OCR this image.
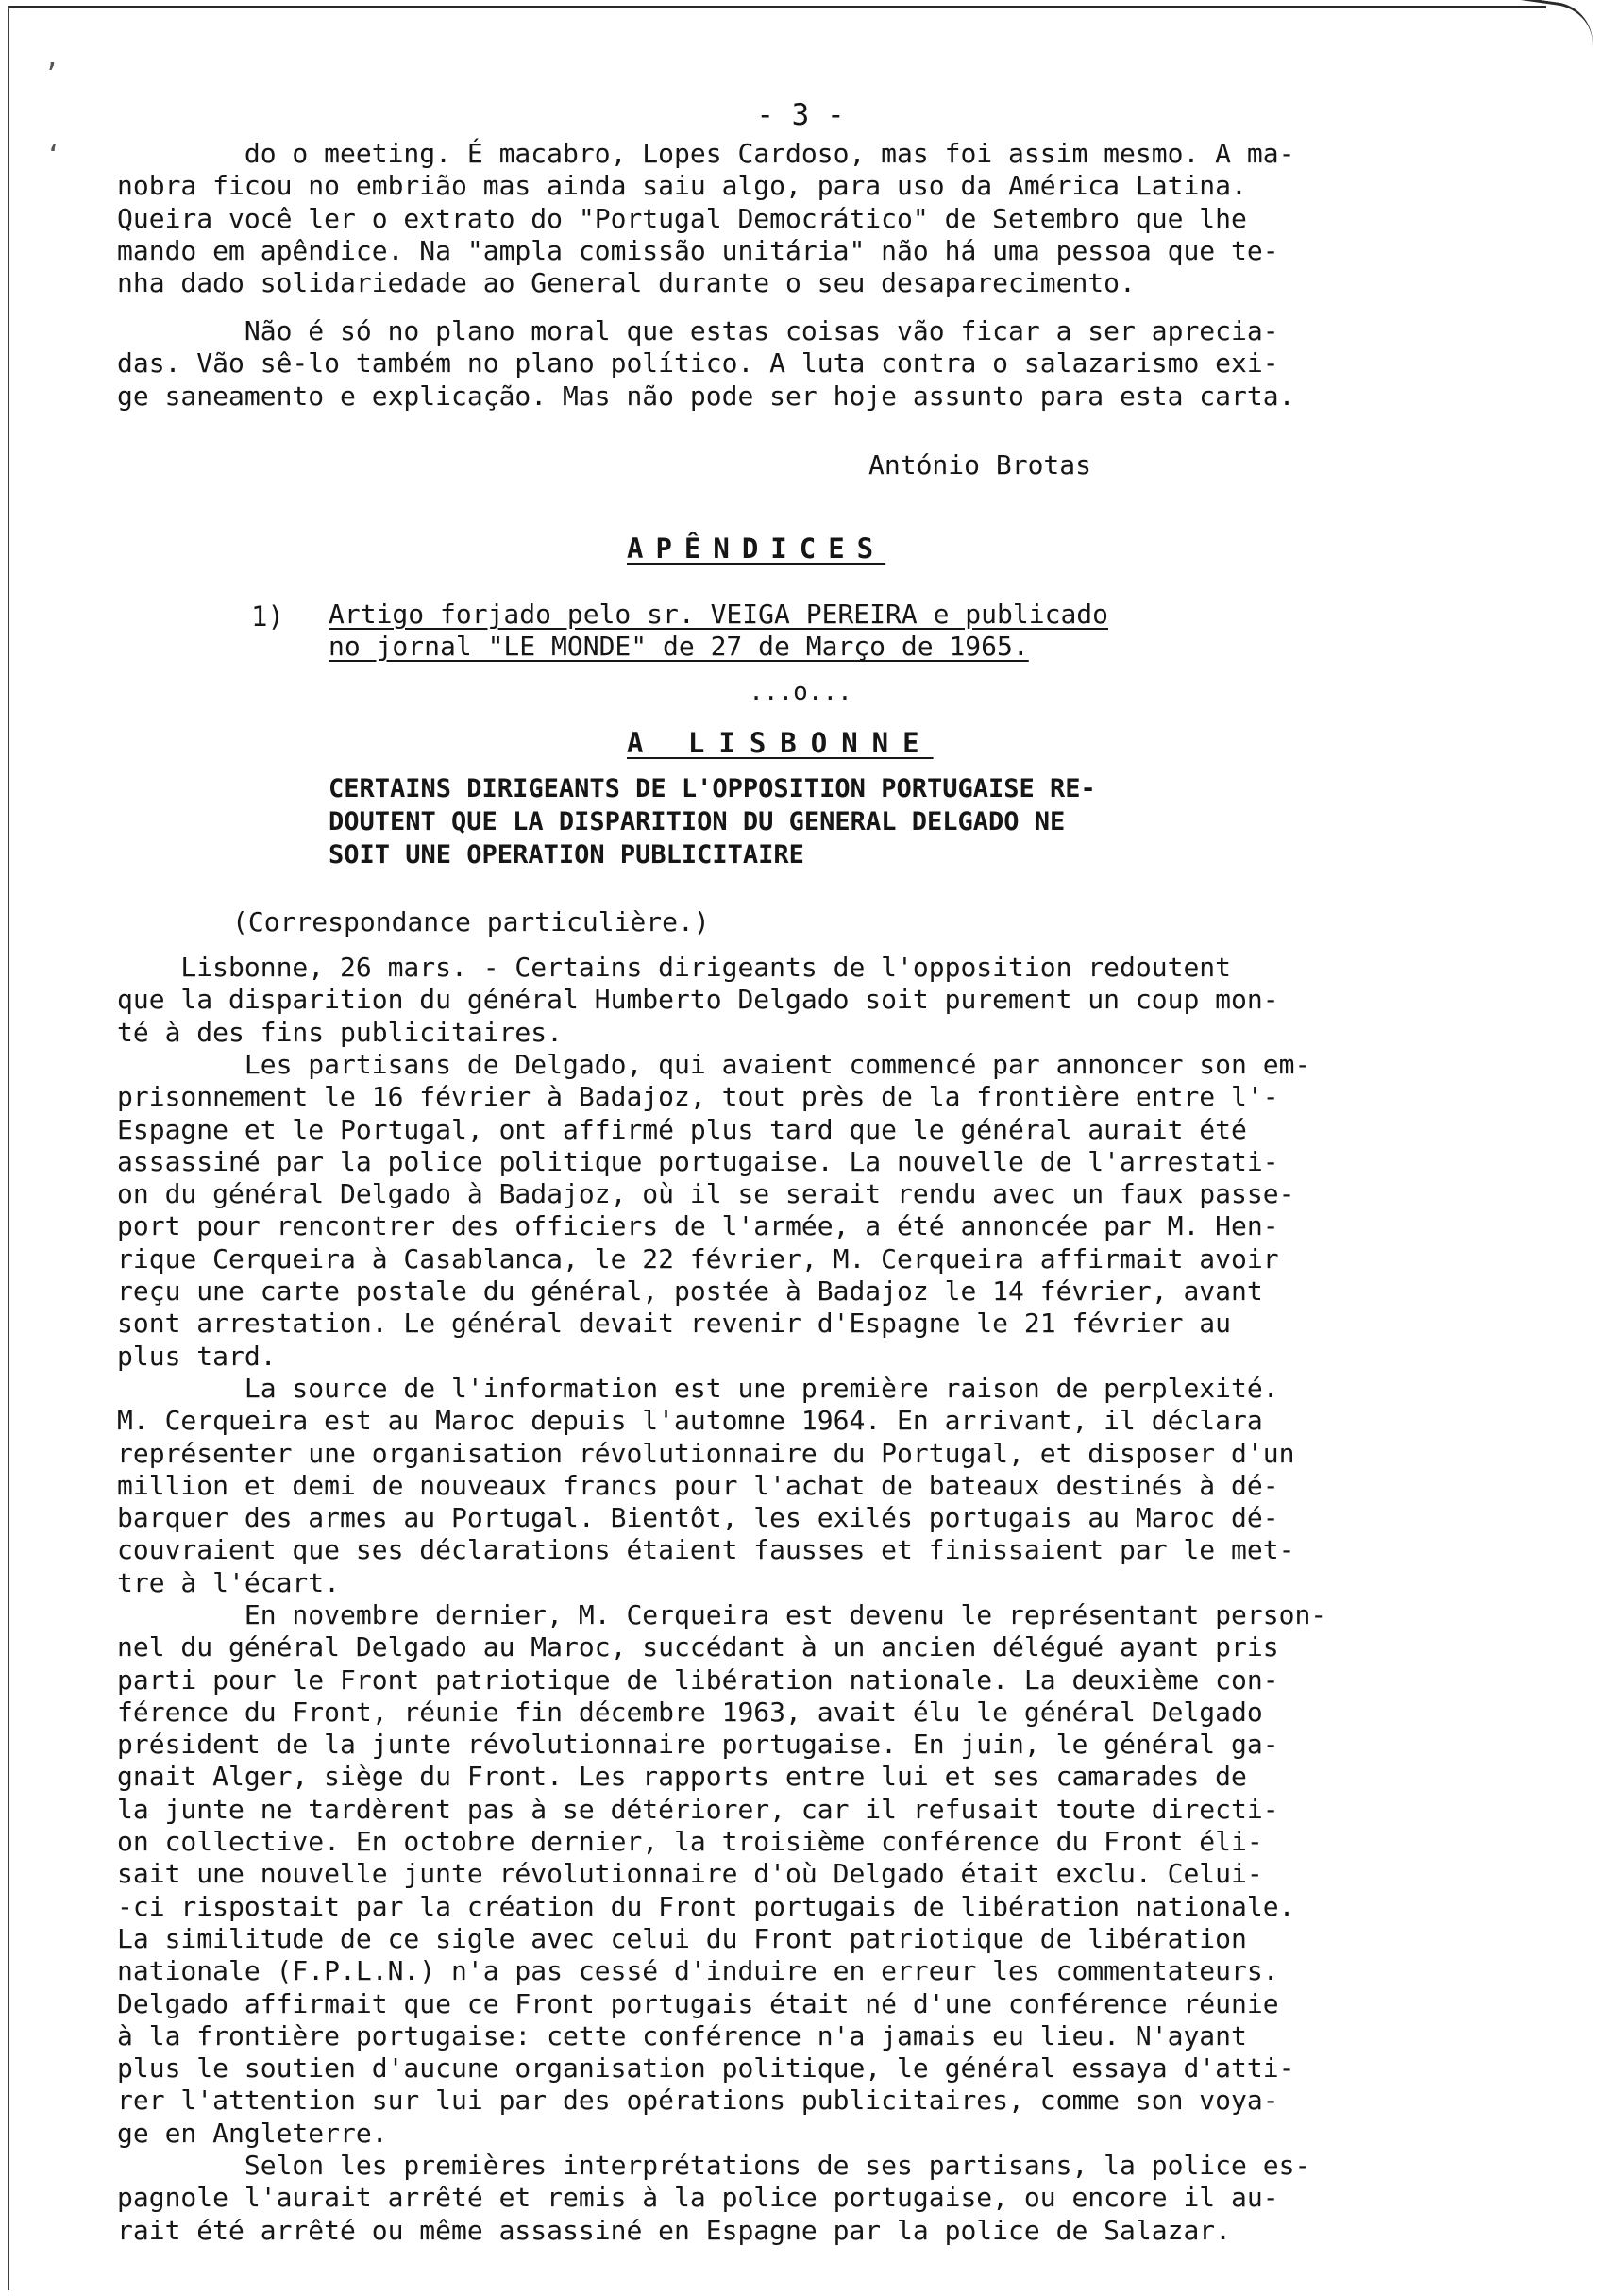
’
‘
- 3 -
do o meeting. É macabro, Lopes Cardoso, mas foi assim mesmo. A ma-
nobra ficou no embrião mas ainda saiu algo, para uso da América Latina.
Queira você ler o extrato do "Portugal Democrático" de Setembro que lhe
mando em apêndice. Na "ampla comissão unitária" não há uma pessoa que te-
nha dado solidariedade ao General durante o seu desaparecimento.
Não é só no plano moral que estas coisas vão ficar a ser aprecia-
das. Vão sê-lo também no plano político. A luta contra o salazarismo exi-
ge saneamento e explicação. Mas não pode ser hoje assunto para esta carta.
António Brotas
APÊNDICES
1) Artigo forjado pelo sr. VEIGA PEREIRA e publicado
no jornal "LE MONDE" de 27 de Março de 1965.
...o...
A LISBONNE
CERTAINS DIRIGEANTS DE L'OPPOSITION PORTUGAISE RE-
DOUTENT QUE LA DISPARITION DU GENERAL DELGADO NE
SOIT UNE OPERATION PUBLICITAIRE
(Correspondance particulière.)
Lisbonne, 26 mars. - Certains dirigeants de l'opposition redoutent
que la disparition du général Humberto Delgado soit purement un coup mon-
té à des fins publicitaires.
Les partisans de Delgado, qui avaient commencé par annoncer son em-
prisonnement le 16 février à Badajoz, tout près de la frontière entre l'-
Espagne et le Portugal, ont affirmé plus tard que le général aurait été
assassiné par la police politique portugaise. La nouvelle de l'arrestati-
on du général Delgado à Badajoz, où il se serait rendu avec un faux passe-
port pour rencontrer des officiers de l'armée, a été annoncée par M. Hen-
rique Cerqueira à Casablanca, le 22 février, M. Cerqueira affirmait avoir
reçu une carte postale du général, postée à Badajoz le 14 février, avant
sont arrestation. Le général devait revenir d'Espagne le 21 février au
plus tard.
La source de l'information est une première raison de perplexité.
M. Cerqueira est au Maroc depuis l'automne 1964. En arrivant, il déclara
représenter une organisation révolutionnaire du Portugal, et disposer d'un
million et demi de nouveaux francs pour l'achat de bateaux destinés à dé-
barquer des armes au Portugal. Bientôt, les exilés portugais au Maroc dé-
couvraient que ses déclarations étaient fausses et finissaient par le met-
tre à l'écart.
En novembre dernier, M. Cerqueira est devenu le représentant person-
nel du général Delgado au Maroc, succédant à un ancien délégué ayant pris
parti pour le Front patriotique de libération nationale. La deuxième con-
férence du Front, réunie fin décembre 1963, avait élu le général Delgado
président de la junte révolutionnaire portugaise. En juin, le général ga-
gnait Alger, siège du Front. Les rapports entre lui et ses camarades de
la junte ne tardèrent pas à se détériorer, car il refusait toute directi-
on collective. En octobre dernier, la troisième conférence du Front éli-
sait une nouvelle junte révolutionnaire d'où Delgado était exclu. Celui-
-ci rispostait par la création du Front portugais de libération nationale.
La similitude de ce sigle avec celui du Front patriotique de libération
nationale (F.P.L.N.) n'a pas cessé d'induire en erreur les commentateurs.
Delgado affirmait que ce Front portugais était né d'une conférence réunie
à la frontière portugaise: cette conférence n'a jamais eu lieu. N'ayant
plus le soutien d'aucune organisation politique, le général essaya d'atti-
rer l'attention sur lui par des opérations publicitaires, comme son voya-
ge en Angleterre.
Selon les premières interprétations de ses partisans, la police es-
pagnole l'aurait arrêté et remis à la police portugaise, ou encore il au-
rait été arrêté ou même assassiné en Espagne par la police de Salazar.
